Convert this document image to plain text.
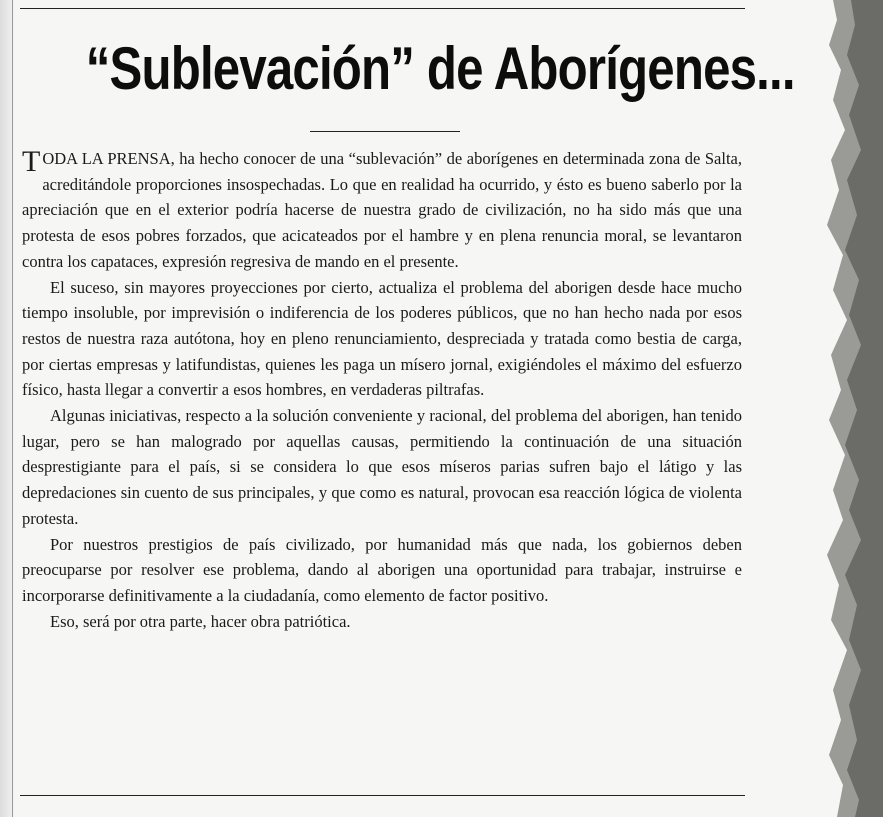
“Sublevación” de Aborígenes...

TODA LA PRENSA, ha hecho conocer de una “sublevación” de aborígenes en determinada zona de Salta, acreditándole proporciones insospechadas. Lo que en realidad ha ocurrido, y ésto es bueno saberlo por la apreciación que en el exterior podría hacerse de nuestra grado de civilización, no ha sido más que una protesta de esos pobres forzados, que acicateados por el hambre y en plena renuncia moral, se levantaron contra los capataces, expresión regresiva de mando en el presente.

El suceso, sin mayores proyecciones por cierto, actualiza el problema del aborigen desde hace mucho tiempo insoluble, por imprevisión o indiferencia de los poderes públicos, que no han hecho nada por esos restos de nuestra raza autótona, hoy en pleno renunciamiento, despreciada y tratada como bestia de carga, por ciertas empresas y latifundistas, quienes les paga un mísero jornal, exigiéndoles el máximo del esfuerzo físico, hasta llegar a convertir a esos hombres, en verdaderas piltrafas.

Algunas iniciativas, respecto a la solución conveniente y racional, del problema del aborigen, han tenido lugar, pero se han malogrado por aquellas causas, permitiendo la continuación de una situación desprestigiante para el país, si se considera lo que esos míseros parias sufren bajo el látigo y las depredaciones sin cuento de sus principales, y que como es natural, provocan esa reacción lógica de violenta protesta.

Por nuestros prestigios de país civilizado, por humanidad más que nada, los gobiernos deben preocuparse por resolver ese problema, dando al aborigen una oportunidad para trabajar, instruirse e incorporarse definitivamente a la ciudadanía, como elemento de factor positivo.

Eso, será por otra parte, hacer obra patriótica.
